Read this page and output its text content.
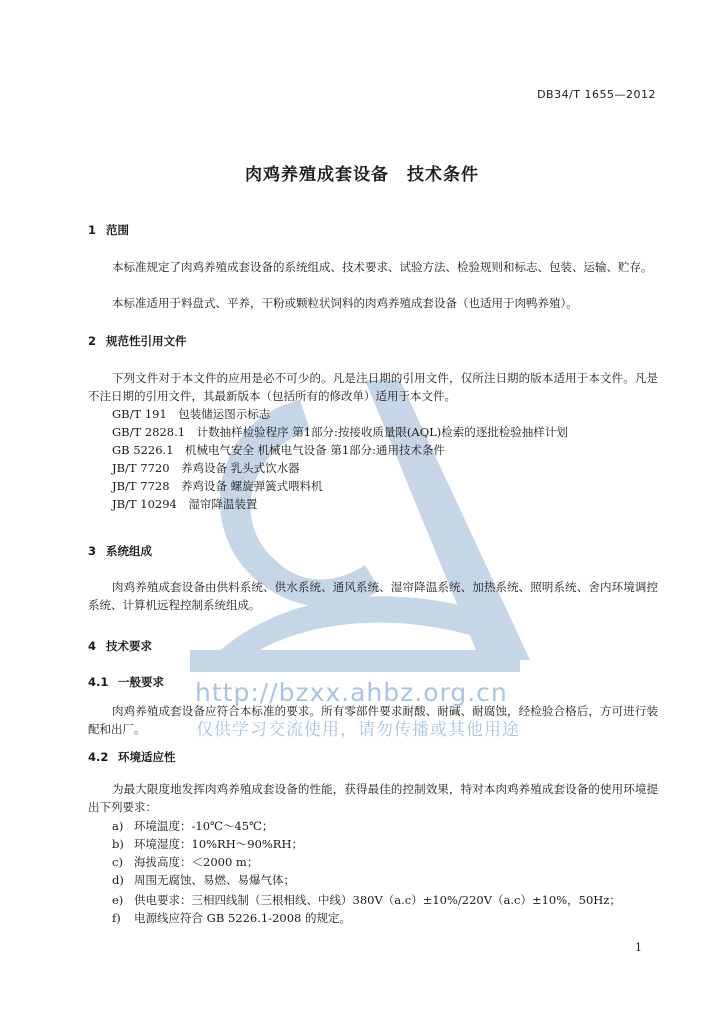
DB34/T 1655—2012
肉鸡养殖成套设备　技术条件
1 范围
本标准规定了肉鸡养殖成套设备的系统组成、技术要求、试验方法、检验规则和标志、包装、运输、贮存。
本标准适用于料盘式、平养，干粉或颗粒状饲料的肉鸡养殖成套设备（也适用于肉鸭养殖）。
2 规范性引用文件
下列文件对于本文件的应用是必不可少的。凡是注日期的引用文件，仅所注日期的版本适用于本文件。凡是不注日期的引用文件，其最新版本（包括所有的修改单）适用于本文件。
GB/T 191　包装储运图示标志
GB/T 2828.1　计数抽样检验程序 第1部分:按接收质量限(AQL)检索的逐批检验抽样计划
GB 5226.1　机械电气安全 机械电气设备 第1部分:通用技术条件
JB/T 7720　养鸡设备 乳头式饮水器
JB/T 7728　养鸡设备 螺旋弹簧式喂料机
JB/T 10294　湿帘降温装置
3 系统组成
肉鸡养殖成套设备由供料系统、供水系统、通风系统、湿帘降温系统、加热系统、照明系统、舍内环境调控系统、计算机远程控制系统组成。
4 技术要求
4.1 一般要求
肉鸡养殖成套设备应符合本标准的要求。所有零部件要求耐酸、耐碱、耐腐蚀，经检验合格后，方可进行装配和出厂。
4.2 环境适应性
为最大限度地发挥肉鸡养殖成套设备的性能，获得最佳的控制效果，特对本肉鸡养殖成套设备的使用环境提出下列要求：
a) 环境温度：-10℃～45℃；
b) 环境湿度：10%RH～90%RH；
c) 海拔高度：＜2000 m；
d) 周围无腐蚀、易燃、易爆气体；
e) 供电要求：三相四线制（三根相线、中线）380V（a.c）±10%/220V（a.c）±10%，50Hz；
f) 电源线应符合 GB 5226.1-2008 的规定。
http://bzxx.ahbz.org.cn
仅供学习交流使用，请勿传播或其他用途
1
